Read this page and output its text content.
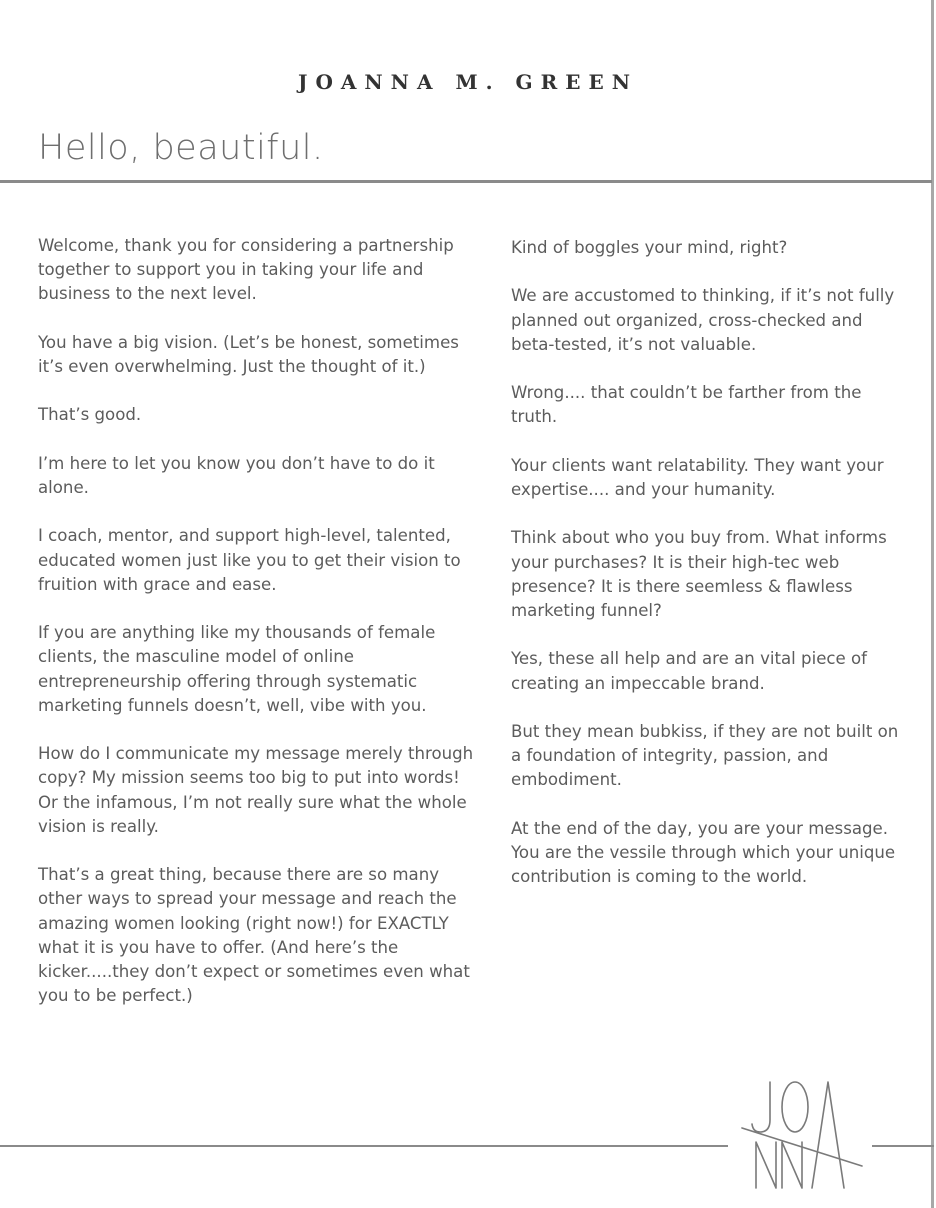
JOANNA M. GREEN
Hello, beautiful.

Welcome, thank you for considering a partnership together to support you in taking your life and business to the next level.

You have a big vision. (Let’s be honest, sometimes it’s even overwhelming. Just the thought of it.)

That’s good.

I’m here to let you know you don’t have to do it alone.

I coach, mentor, and support high-level, talented, educated women just like you to get their vision to fruition with grace and ease.

If you are anything like my thousands of female clients, the masculine model of online entrepreneurship offering through systematic marketing funnels doesn’t, well, vibe with you.

How do I communicate my message merely through copy? My mission seems too big to put into words! Or the infamous, I’m not really sure what the whole vision is really.

That’s a great thing, because there are so many other ways to spread your message and reach the amazing women looking (right now!) for EXACTLY what it is you have to offer. (And here’s the kicker.....they don’t expect or sometimes even what you to be perfect.)

Kind of boggles your mind, right?

We are accustomed to thinking, if it’s not fully planned out organized, cross-checked and beta-tested, it’s not valuable.

Wrong.... that couldn’t be farther from the truth.

Your clients want relatability. They want your expertise.... and your humanity.

Think about who you buy from. What informs your purchases? It is their high-tec web presence? It is there seemless & flawless marketing funnel?

Yes, these all help and are an vital piece of creating an impeccable brand.

But they mean bubkiss, if they are not built on a foundation of integrity, passion, and embodiment.

At the end of the day, you are your message. You are the vessile through which your unique contribution is coming to the world.
